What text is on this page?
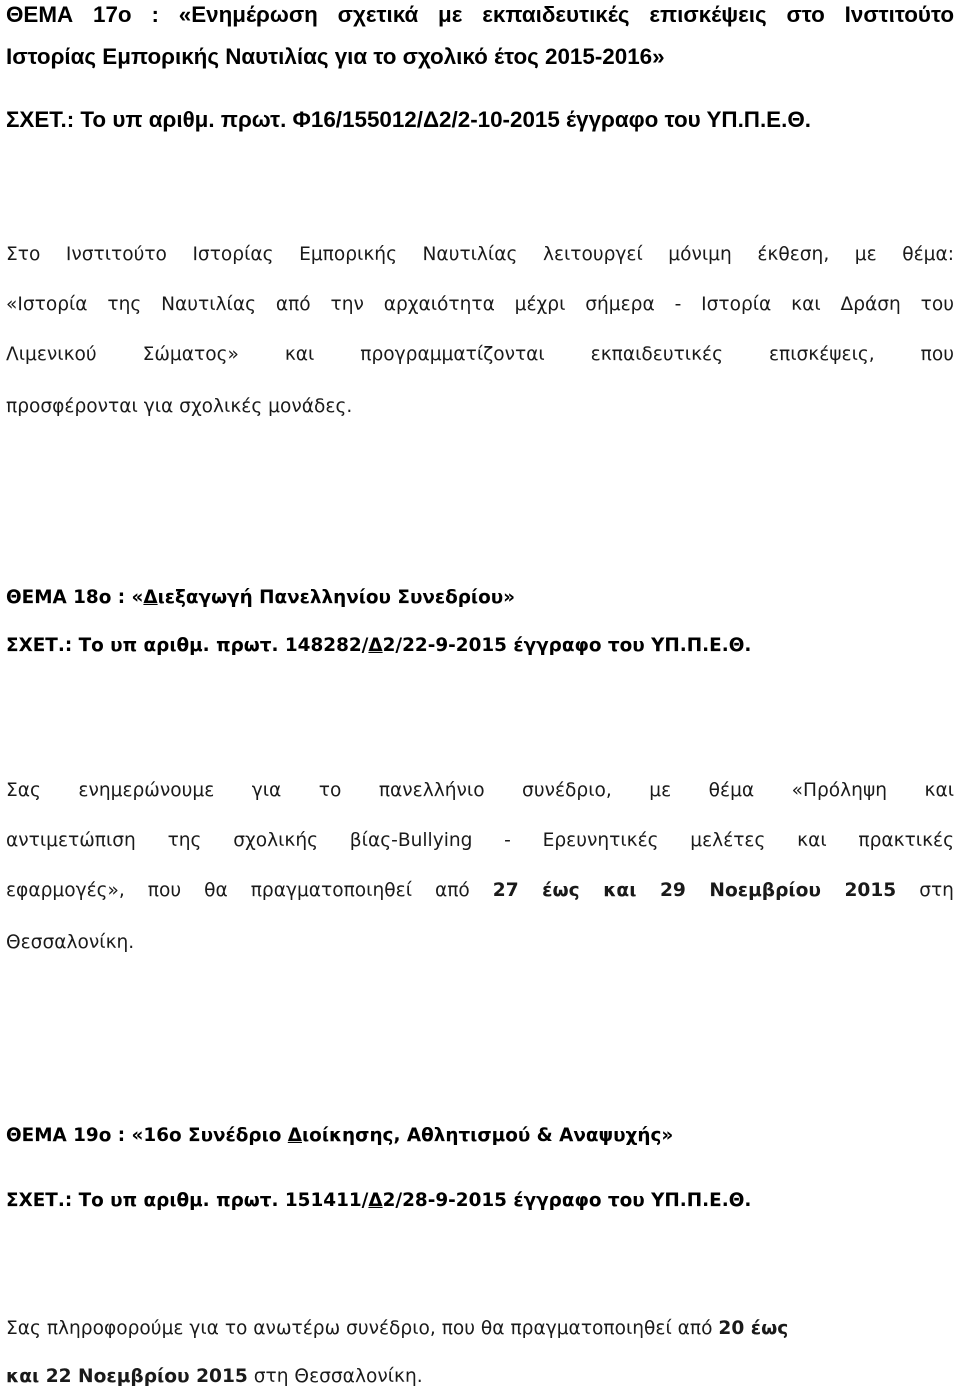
ΘΕΜΑ 17ο : «Ενημέρωση σχετικά με εκπαιδευτικές επισκέψεις στο Ινστιτούτο
Ιστορίας Εμπορικής Ναυτιλίας για το σχολικό έτος 2015-2016»
ΣΧΕΤ.: Το υπ αριθμ. πρωτ. Φ16/155012/Δ2/2-10-2015 έγγραφο του ΥΠ.Π.Ε.Θ.
Στο Ινστιτούτο Ιστορίας Εμπορικής Ναυτιλίας λειτουργεί μόνιμη έκθεση, με θέμα:
«Ιστορία της Ναυτιλίας από την αρχαιότητα μέχρι σήμερα - Ιστορία και Δράση του
Λιμενικού Σώματος» και προγραμματίζονται εκπαιδευτικές επισκέψεις, που
προσφέρονται για σχολικές μονάδες.
ΘΕΜΑ 18ο : «Διεξαγωγή Πανελληνίου Συνεδρίου»
ΣΧΕΤ.: Το υπ αριθμ. πρωτ. 148282/Δ2/22-9-2015 έγγραφο του ΥΠ.Π.Ε.Θ.
Σας ενημερώνουμε για το πανελλήνιο συνέδριο, με θέμα «Πρόληψη και
αντιμετώπιση της σχολικής βίας-Bullying - Ερευνητικές μελέτες και πρακτικές
εφαρμογές», που θα πραγματοποιηθεί από 27 έως και 29 Νοεμβρίου 2015 στη
Θεσσαλονίκη.
ΘΕΜΑ 19ο : «16ο Συνέδριο Διοίκησης, Αθλητισμού & Αναψυχής»
ΣΧΕΤ.: Το υπ αριθμ. πρωτ. 151411/Δ2/28-9-2015 έγγραφο του ΥΠ.Π.Ε.Θ.
Σας πληροφορούμε για το ανωτέρω συνέδριο, που θα πραγματοποιηθεί από 20 έως
και 22 Νοεμβρίου 2015 στη Θεσσαλονίκη.
